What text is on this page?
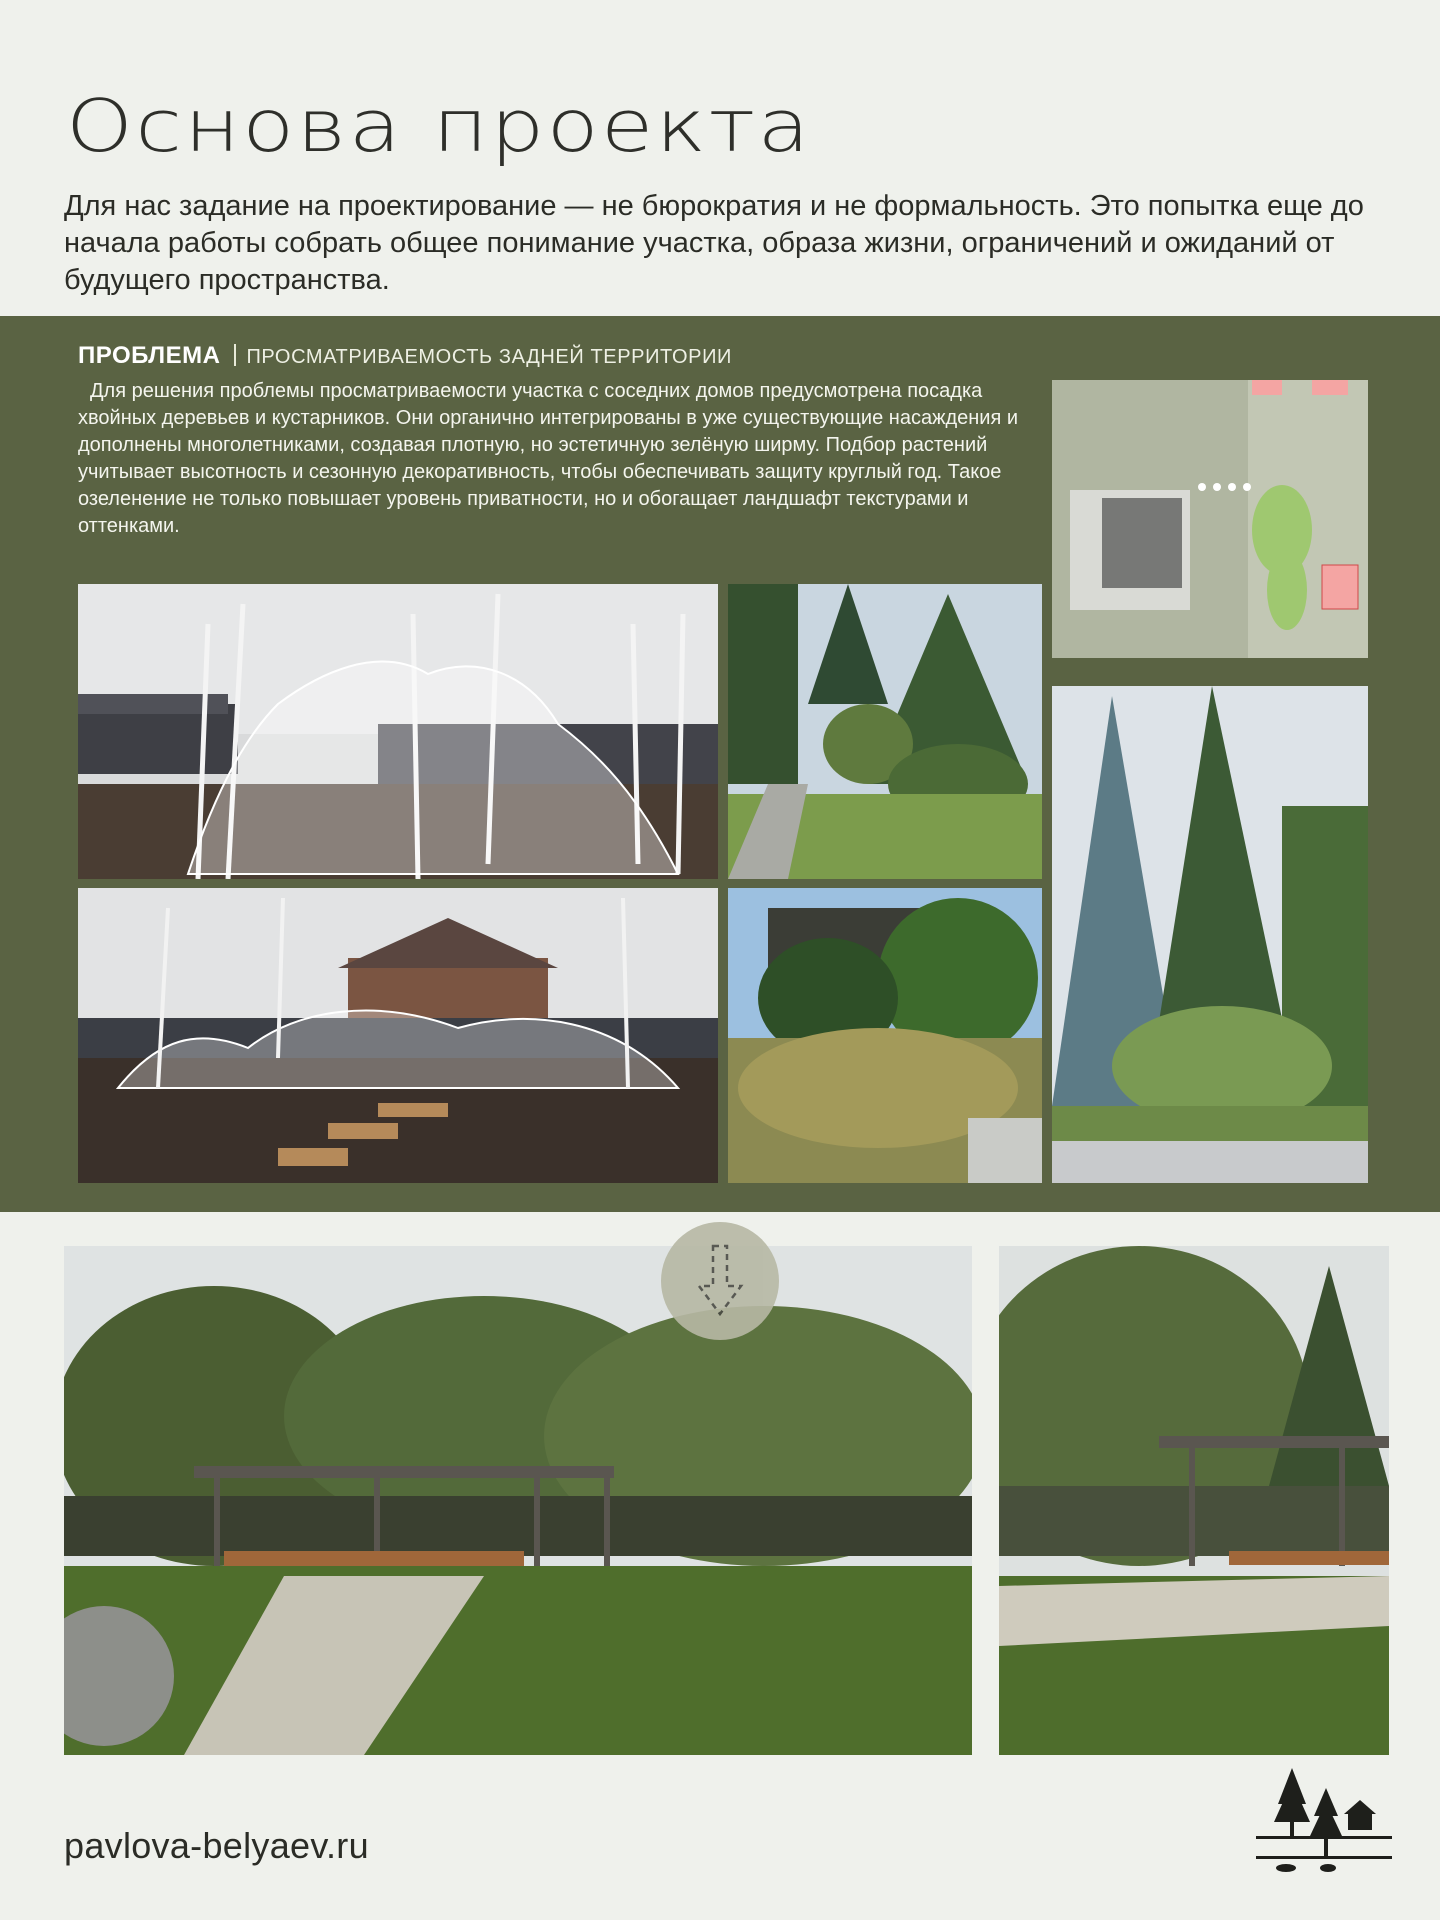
Основа проекта

Для нас задание на проектирование — не бюрократия и не формальность. Это попытка еще до начала работы собрать общее понимание участка, образа жизни, ограничений и ожиданий от будущего пространства.

ПРОБЛЕМА ПРОСМАТРИВАЕМОСТЬ ЗАДНЕЙ ТЕРРИТОРИИ

Для решения проблемы просматриваемости участка с соседних домов предусмотрена посадка хвойных деревьев и кустарников. Они органично интегрированы в уже существующие насаждения и дополнены многолетниками, создавая плотную, но эстетичную зелёную ширму. Подбор растений учитывает высотность и сезонную декоративность, чтобы обеспечивать защиту круглый год. Такое озеленение не только повышает уровень приватности, но и обогащает ландшафт текстурами и оттенками.

pavlova-belyaev.ru
